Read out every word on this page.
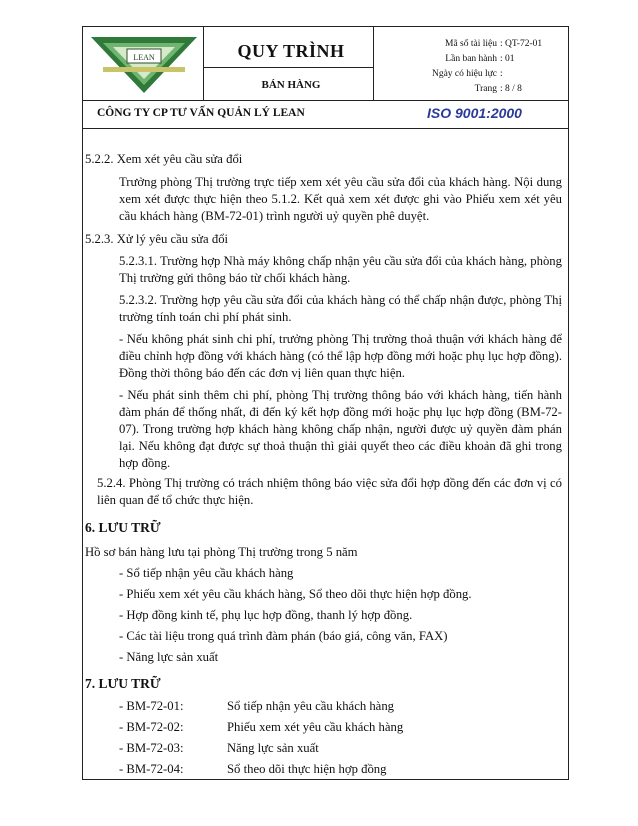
LEAN	QUY TRÌNH
BÁN HÀNG
Mã số tài liệu : QT-72-01
Lần ban hành : 01
Ngày có hiệu lực :
Trang : 8 / 8
CÔNG TY CP TƯ VẤN QUẢN LÝ LEAN	ISO 9001:2000

5.2.2. Xem xét yêu cầu sửa đổi

Trưởng phòng Thị trường trực tiếp xem xét yêu cầu sửa đổi của khách hàng. Nội dung xem xét được thực hiện theo 5.1.2. Kết quả xem xét được ghi vào Phiếu xem xét yêu cầu khách hàng (BM-72-01) trình người uỷ quyền phê duyệt.

5.2.3. Xử lý yêu cầu sửa đổi

5.2.3.1. Trường hợp Nhà máy không chấp nhận yêu cầu sửa đổi của khách hàng, phòng Thị trường gửi thông báo từ chối khách hàng.

5.2.3.2. Trường hợp yêu cầu sửa đổi của khách hàng có thể chấp nhận được, phòng Thị trường tính toán chi phí phát sinh.

- Nếu không phát sinh chi phí, trưởng phòng Thị trường thoả thuận với khách hàng để điều chỉnh hợp đồng với khách hàng (có thể lập hợp đồng mới hoặc phụ lục hợp đồng). Đồng thời thông báo đến các đơn vị liên quan thực hiện.

- Nếu phát sinh thêm chi phí, phòng Thị trường thông báo với khách hàng, tiến hành đàm phán để thống nhất, đi đến ký kết hợp đồng mới hoặc phụ lục hợp đồng (BM-72-07). Trong trường hợp khách hàng không chấp nhận, người được uỷ quyền đàm phán lại. Nếu không đạt được sự thoả thuận thì giải quyết theo các điều khoản đã ghi trong hợp đồng.

5.2.4. Phòng Thị trường có trách nhiệm thông báo việc sửa đổi hợp đồng đến các đơn vị có liên quan để tổ chức thực hiện.

6. LƯU TRỮ

Hồ sơ bán hàng lưu tại phòng Thị trường trong 5 năm

- Sổ tiếp nhận yêu cầu khách hàng

- Phiếu xem xét yêu cầu khách hàng, Sổ theo dõi thực hiện hợp đồng.

- Hợp đồng kinh tế, phụ lục hợp đồng, thanh lý hợp đồng.

- Các tài liệu trong quá trình đàm phán (báo giá, công văn, FAX)

- Năng lực sản xuất

7. LƯU TRỮ

- BM-72-01:	Sổ tiếp nhận yêu cầu khách hàng
- BM-72-02:	Phiếu xem xét yêu cầu khách hàng
- BM-72-03:	Năng lực sản xuất
- BM-72-04:	Sổ theo dõi thực hiện hợp đồng
